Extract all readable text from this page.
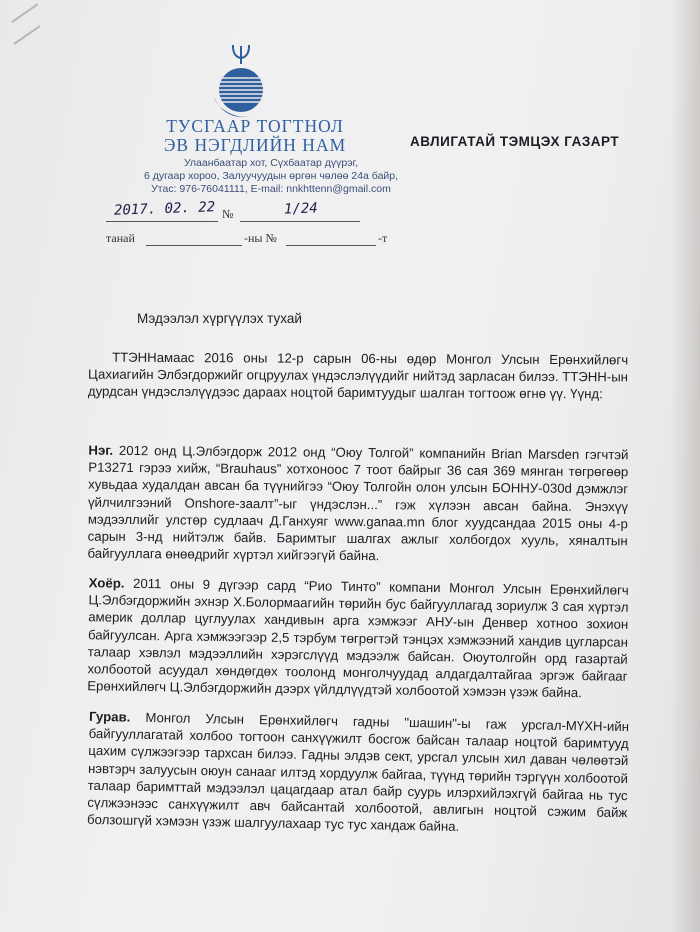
ТУСГААР ТОГТНОЛ
ЭВ НЭГДЛИЙН НАМ
Улаанбаатар хот, Сүхбаатар дүүрэг,
6 дугаар хороо, Залуучуудын өргөн чөлөө 24а байр,
Утас: 976-76041111, E-mail: nnkhttenn@gmail.com
АВЛИГАТАЙ ТЭМЦЭХ ГАЗАРТ
2017. 02. 22 №	1/24
танай	-ны №	-т
Мэдээлэл хүргүүлэх тухай

ТТЭННамаас 2016 оны 12-р сарын 06-ны өдөр Монгол Улсын Ерөнхийлөгч Цахиагийн Элбэгдоржийг огцруулах үндэслэлүүдийг нийтэд зарласан билээ. ТТЭНН-ын дурдсан үндэслэлүүдээс дараах ноцтой баримтуудыг шалган тогтоож өгнө үү. Үүнд:

Нэг. 2012 онд Ц.Элбэгдорж 2012 онд “Оюу Толгой” компанийн Brian Marsden гэгчтэй P13271 гэрээ хийж, “Brauhaus” хотхоноос 7 тоот байрыг 36 сая 369 мянган төгрөгөөр хувьдаа худалдан авсан ба түүнийгээ “Оюу Толгойн олон улсын БОННУ-030d дэмжлэг үйлчилгээний Onshore-заалт”-ыг үндэслэн...” гэж хүлээн авсан байна. Энэхүү мэдээллийг улстөр судлаач Д.Ганхуяг www.ganaa.mn блог хуудсандаа 2015 оны 4-р сарын 3-нд нийтэлж байв. Баримтыг шалгах ажлыг холбогдох хууль, хяналтын байгууллага өнөөдрийг хүртэл хийгээгүй байна.

Хоёр. 2011 оны 9 дүгээр сард “Рио Тинто” компани Монгол Улсын Ерөнхийлөгч Ц.Элбэгдоржийн эхнэр Х.Болормаагийн төрийн бус байгууллагад зориулж 3 сая хүртэл америк доллар цуглуулах хандивын арга хэмжээг АНУ-ын Денвер хотноо зохион байгуулсан. Арга хэмжээгээр 2,5 тэрбум төгрөгтэй тэнцэх хэмжээний хандив цугларсан талаар хэвлэл мэдээллийн хэрэгслүүд мэдээлж байсан. Оюутолгойн орд газартай холбоотой асуудал хөндөгдөх тоолонд монголчуудад алдагдалтайгаа эргэж байгааг Ерөнхийлөгч Ц.Элбэгдоржийн дээрх үйлдлүүдтэй холбоотой хэмээн үзэж байна.

Гурав. Монгол Улсын Ерөнхийлөгч гадны "шашин"-ы гаж урсгал-МҮХН-ийн байгууллагатай холбоо тогтоон санхүүжилт босгож байсан талаар ноцтой баримтууд цахим сүлжээгээр тархсан билээ. Гадны элдэв сект, урсгал улсын хил даван чөлөөтэй нэвтэрч залуусын оюун санааг илтэд хордуулж байгаа, түүнд төрийн тэргүүн холбоотой талаар баримттай мэдээлэл цацагдаар атал байр суурь илэрхийлэхгүй байгаа нь тус сүлжээнээс санхүүжилт авч байсантай холбоотой, авлигын ноцтой сэжим байж болзошгүй хэмээн үзэж шалгуулахаар тус тус хандаж байна.
